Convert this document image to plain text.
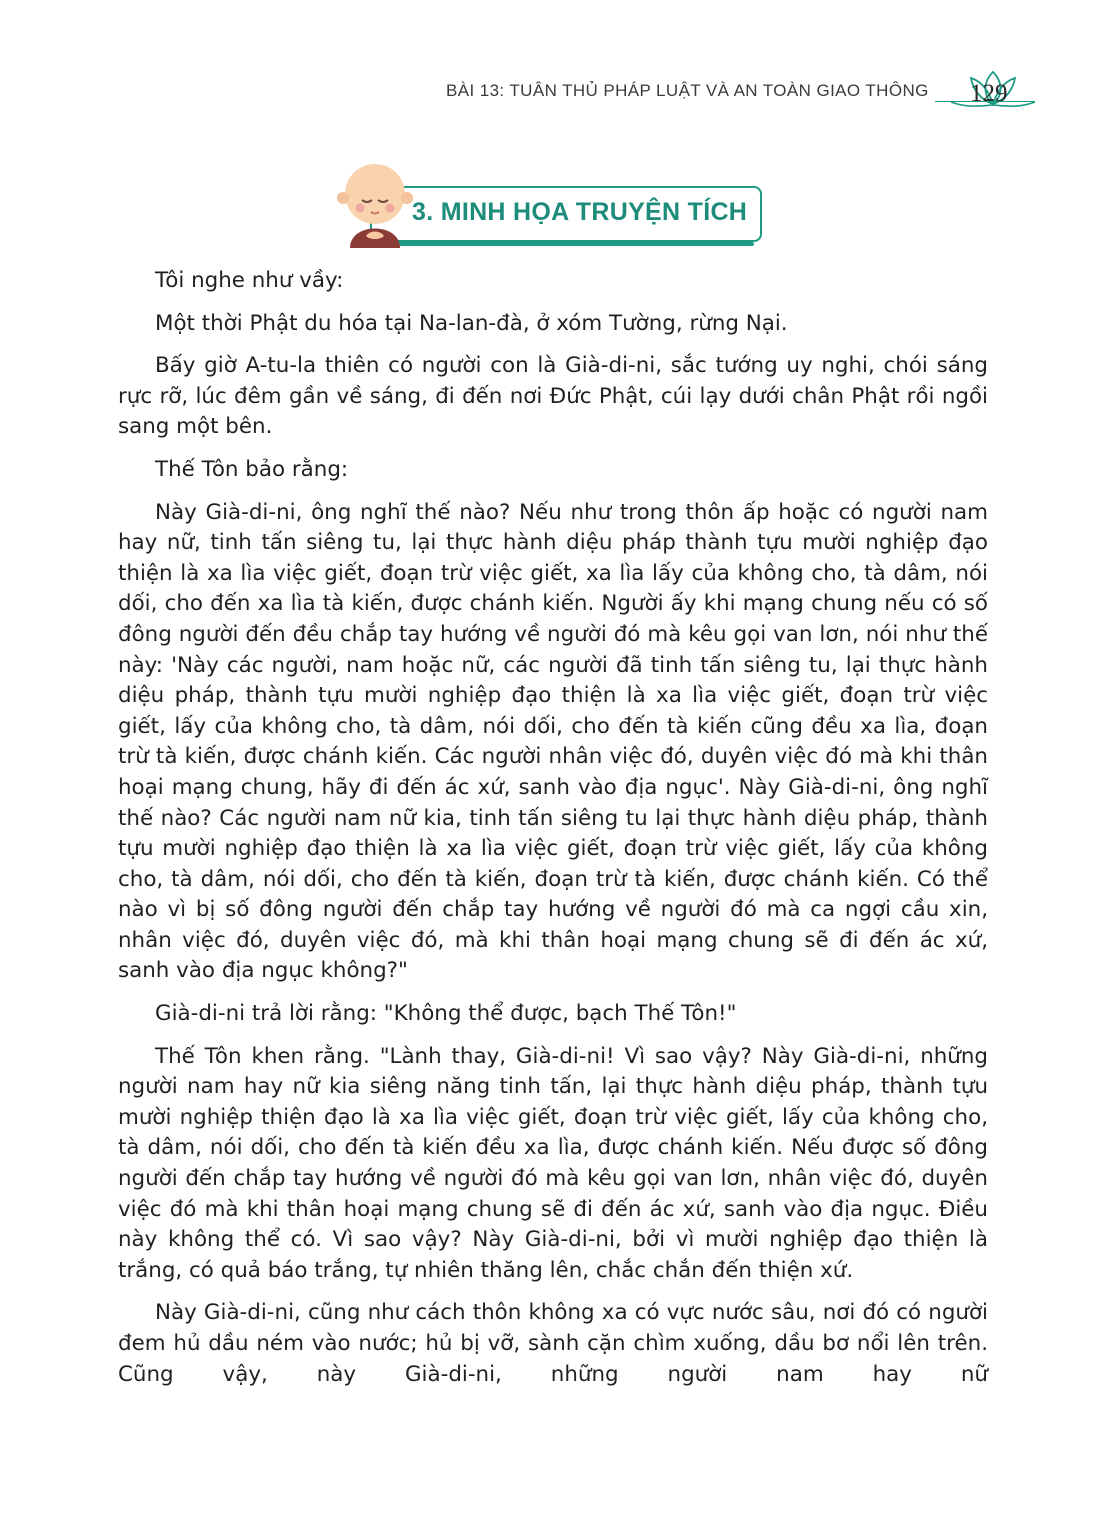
BÀI 13: TUÂN THỦ PHÁP LUẬT VÀ AN TOÀN GIAO THÔNG 129
3. MINH HỌA TRUYỆN TÍCH

Tôi nghe như vầy:

Một thời Phật du hóa tại Na-lan-đà, ở xóm Tường, rừng Nại.

Bấy giờ A-tu-la thiên có người con là Già-di-ni, sắc tướng uy nghi, chói sáng rực rỡ, lúc đêm gần về sáng, đi đến nơi Đức Phật, cúi lạy dưới chân Phật rồi ngồi sang một bên.

Thế Tôn bảo rằng:

Này Già-di-ni, ông nghĩ thế nào? Nếu như trong thôn ấp hoặc có người nam hay nữ, tinh tấn siêng tu, lại thực hành diệu pháp thành tựu mười nghiệp đạo thiện là xa lìa việc giết, đoạn trừ việc giết, xa lìa lấy của không cho, tà dâm, nói dối, cho đến xa lìa tà kiến, được chánh kiến. Người ấy khi mạng chung nếu có số đông người đến đều chắp tay hướng về người đó mà kêu gọi van lơn, nói như thế này: 'Này các người, nam hoặc nữ, các người đã tinh tấn siêng tu, lại thực hành diệu pháp, thành tựu mười nghiệp đạo thiện là xa lìa việc giết, đoạn trừ việc giết, lấy của không cho, tà dâm, nói dối, cho đến tà kiến cũng đều xa lìa, đoạn trừ tà kiến, được chánh kiến. Các người nhân việc đó, duyên việc đó mà khi thân hoại mạng chung, hãy đi đến ác xứ, sanh vào địa ngục'. Này Già-di-ni, ông nghĩ thế nào? Các người nam nữ kia, tinh tấn siêng tu lại thực hành diệu pháp, thành tựu mười nghiệp đạo thiện là xa lìa việc giết, đoạn trừ việc giết, lấy của không cho, tà dâm, nói dối, cho đến tà kiến, đoạn trừ tà kiến, được chánh kiến. Có thể nào vì bị số đông người đến chắp tay hướng về người đó mà ca ngợi cầu xin, nhân việc đó, duyên việc đó, mà khi thân hoại mạng chung sẽ đi đến ác xứ, sanh vào địa ngục không?"

Già-di-ni trả lời rằng: "Không thể được, bạch Thế Tôn!"

Thế Tôn khen rằng. "Lành thay, Già-di-ni! Vì sao vậy? Này Già-di-ni, những người nam hay nữ kia siêng năng tinh tấn, lại thực hành diệu pháp, thành tựu mười nghiệp thiện đạo là xa lìa việc giết, đoạn trừ việc giết, lấy của không cho, tà dâm, nói dối, cho đến tà kiến đều xa lìa, được chánh kiến. Nếu được số đông người đến chắp tay hướng về người đó mà kêu gọi van lơn, nhân việc đó, duyên việc đó mà khi thân hoại mạng chung sẽ đi đến ác xứ, sanh vào địa ngục. Điều này không thể có. Vì sao vậy? Này Già-di-ni, bởi vì mười nghiệp đạo thiện là trắng, có quả báo trắng, tự nhiên thăng lên, chắc chắn đến thiện xứ.

Này Già-di-ni, cũng như cách thôn không xa có vực nước sâu, nơi đó có người đem hủ dầu ném vào nước; hủ bị vỡ, sành cặn chìm xuống, dầu bơ nổi lên trên. Cũng vậy, này Già-di-ni, những người nam hay nữ
